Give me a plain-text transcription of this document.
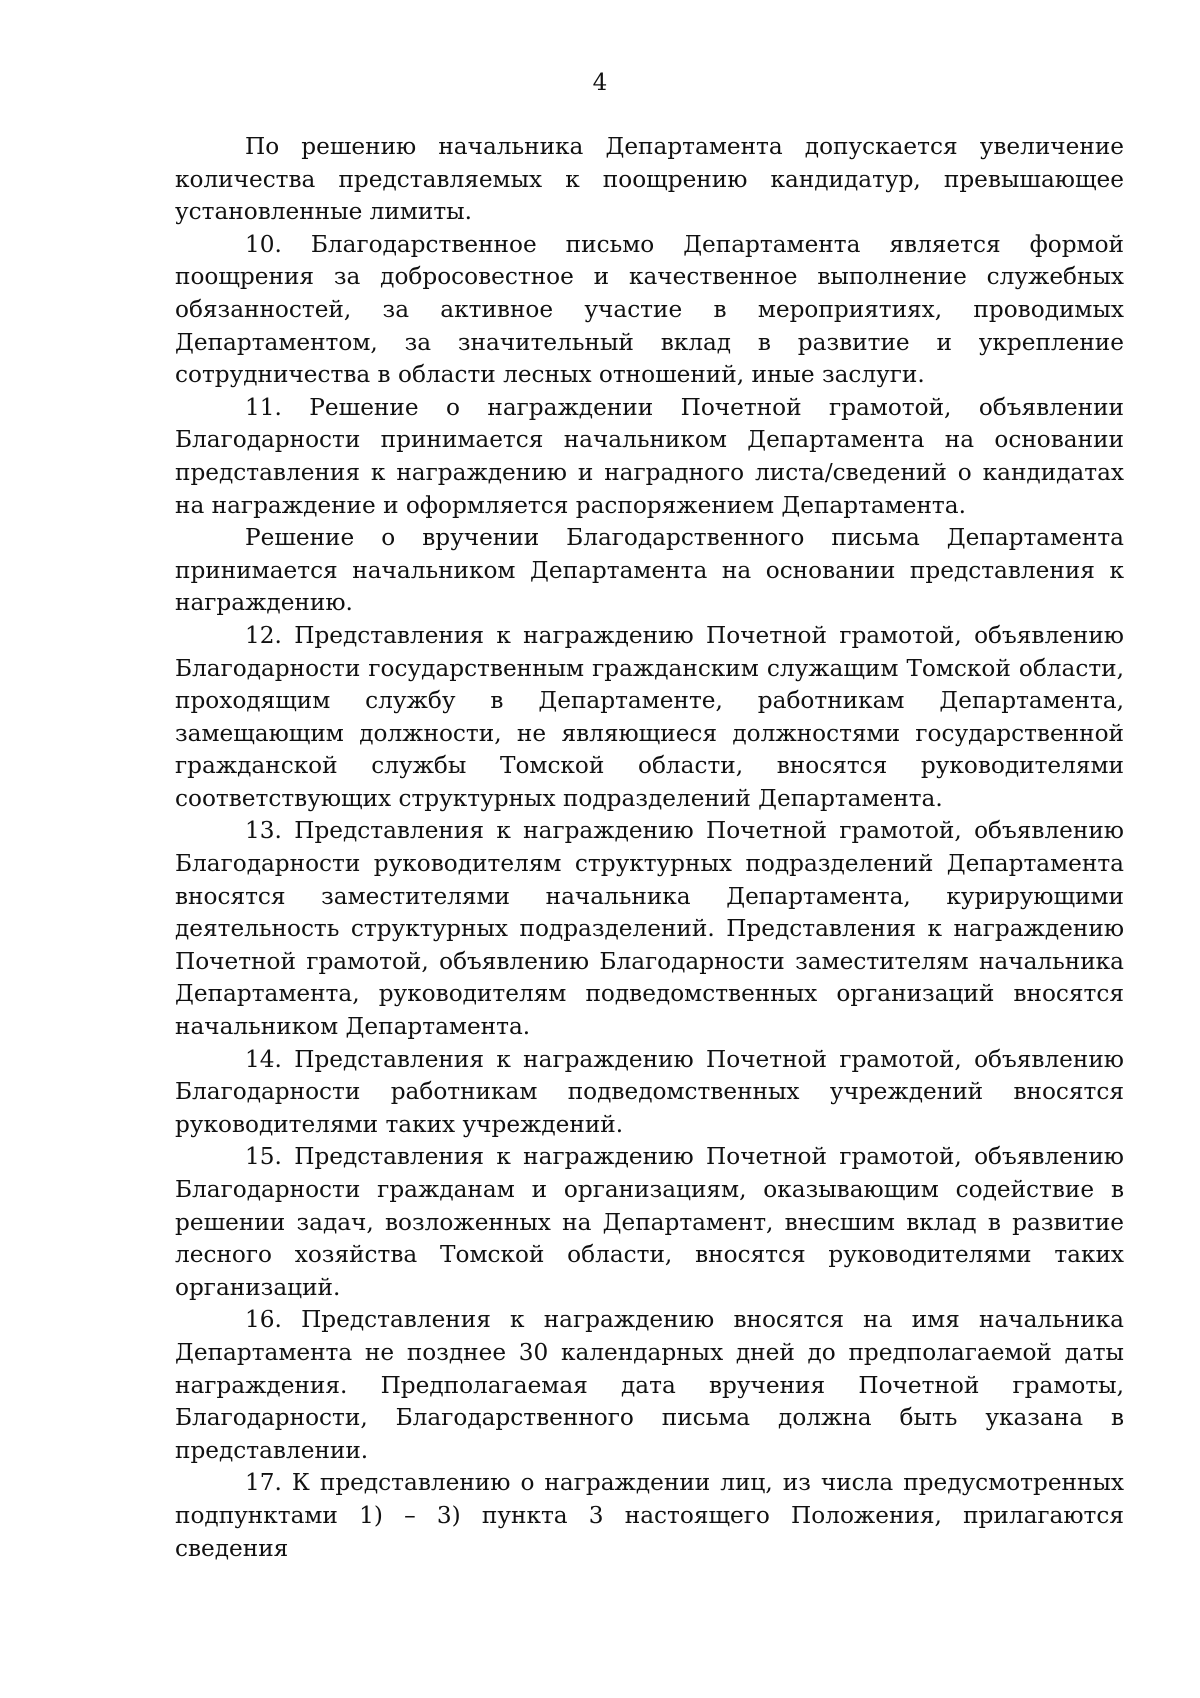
4

По решению начальника Департамента допускается увеличение количества представляемых к поощрению кандидатур, превышающее установленные лимиты.

10. Благодарственное письмо Департамента является формой поощрения за добросовестное и качественное выполнение служебных обязанностей, за активное участие в мероприятиях, проводимых Департаментом, за значительный вклад в развитие и укрепление сотрудничества в области лесных отношений, иные заслуги.

11. Решение о награждении Почетной грамотой, объявлении Благодарности принимается начальником Департамента на основании представления к награждению и наградного листа/сведений о кандидатах на награждение и оформляется распоряжением Департамента.

Решение о вручении Благодарственного письма Департамента принимается начальником Департамента на основании представления к награждению.

12. Представления к награждению Почетной грамотой, объявлению Благодарности государственным гражданским служащим Томской области, проходящим службу в Департаменте, работникам Департамента, замещающим должности, не являющиеся должностями государственной гражданской службы Томской области, вносятся руководителями соответствующих структурных подразделений Департамента.

13. Представления к награждению Почетной грамотой, объявлению Благодарности руководителям структурных подразделений Департамента вносятся заместителями начальника Департамента, курирующими деятельность структурных подразделений. Представления к награждению Почетной грамотой, объявлению Благодарности заместителям начальника Департамента, руководителям подведомственных организаций вносятся начальником Департамента.

14. Представления к награждению Почетной грамотой, объявлению Благодарности работникам подведомственных учреждений вносятся руководителями таких учреждений.

15. Представления к награждению Почетной грамотой, объявлению Благодарности гражданам и организациям, оказывающим содействие в решении задач, возложенных на Департамент, внесшим вклад в развитие лесного хозяйства Томской области, вносятся руководителями таких организаций.

16. Представления к награждению вносятся на имя начальника Департамента не позднее 30 календарных дней до предполагаемой даты награждения. Предполагаемая дата вручения Почетной грамоты, Благодарности, Благодарственного письма должна быть указана в представлении.

17. К представлению о награждении лиц, из числа предусмотренных подпунктами 1) – 3) пункта 3 настоящего Положения, прилагаются сведения
